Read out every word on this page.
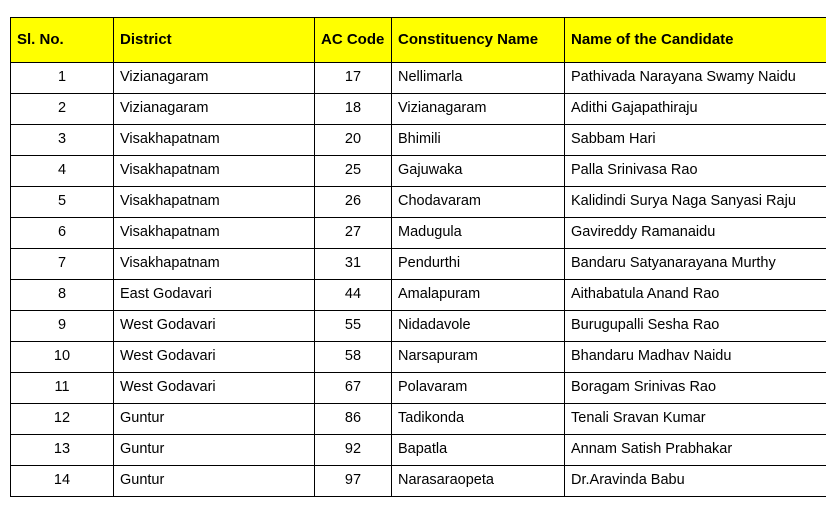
Sl. No.	District	AC Code	Constituency Name	Name of the Candidate
1	Vizianagaram	17	Nellimarla	Pathivada Narayana Swamy Naidu
2	Vizianagaram	18	Vizianagaram	Adithi Gajapathiraju
3	Visakhapatnam	20	Bhimili	Sabbam Hari
4	Visakhapatnam	25	Gajuwaka	Palla Srinivasa Rao
5	Visakhapatnam	26	Chodavaram	Kalidindi Surya Naga Sanyasi Raju
6	Visakhapatnam	27	Madugula	Gavireddy Ramanaidu
7	Visakhapatnam	31	Pendurthi	Bandaru Satyanarayana Murthy
8	East Godavari	44	Amalapuram	Aithabatula Anand Rao
9	West Godavari	55	Nidadavole	Burugupalli Sesha Rao
10	West Godavari	58	Narsapuram	Bhandaru Madhav Naidu
11	West Godavari	67	Polavaram	Boragam Srinivas Rao
12	Guntur	86	Tadikonda	Tenali Sravan Kumar
13	Guntur	92	Bapatla	Annam Satish Prabhakar
14	Guntur	97	Narasaraopeta	Dr.Aravinda Babu
